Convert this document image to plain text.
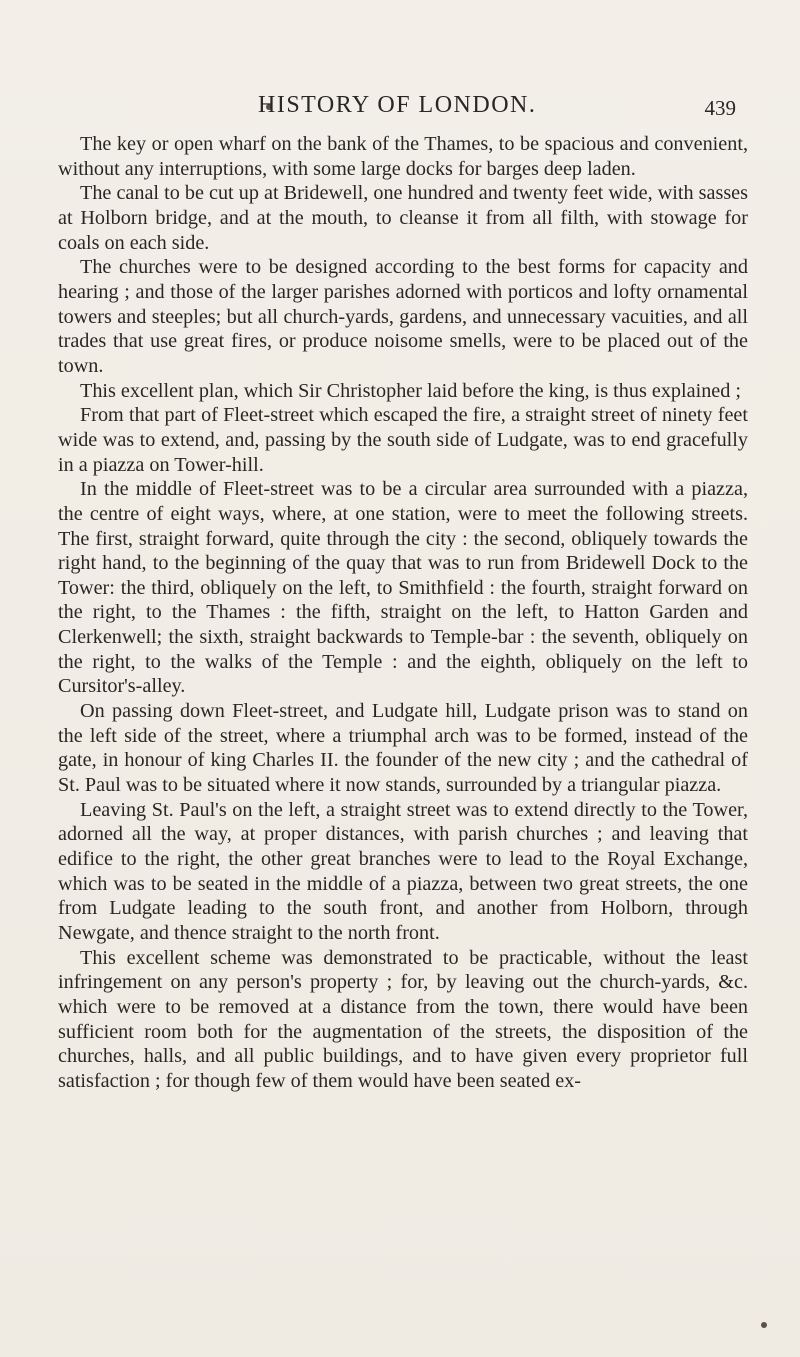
HISTORY OF LONDON.	439

The key or open wharf on the bank of the Thames, to be spacious and convenient, without any interruptions, with some large docks for barges deep laden.

The canal to be cut up at Bridewell, one hundred and twenty feet wide, with sasses at Holborn bridge, and at the mouth, to cleanse it from all filth, with stowage for coals on each side.

The churches were to be designed according to the best forms for capacity and hearing ; and those of the larger parishes adorned with porticos and lofty ornamental towers and steeples; but all church-yards, gardens, and unnecessary vacuities, and all trades that use great fires, or produce noisome smells, were to be placed out of the town.

This excellent plan, which Sir Christopher laid before the king, is thus explained ;

From that part of Fleet-street which escaped the fire, a straight street of ninety feet wide was to extend, and, passing by the south side of Ludgate, was to end gracefully in a piazza on Tower-hill.

In the middle of Fleet-street was to be a circular area surrounded with a piazza, the centre of eight ways, where, at one station, were to meet the following streets. The first, straight forward, quite through the city : the second, obliquely towards the right hand, to the beginning of the quay that was to run from Bridewell Dock to the Tower: the third, obliquely on the left, to Smithfield : the fourth, straight forward on the right, to the Thames : the fifth, straight on the left, to Hatton Garden and Clerkenwell; the sixth, straight backwards to Temple-bar : the seventh, obliquely on the right, to the walks of the Temple : and the eighth, obliquely on the left to Cursitor's-alley.

On passing down Fleet-street, and Ludgate hill, Ludgate prison was to stand on the left side of the street, where a triumphal arch was to be formed, instead of the gate, in honour of king Charles II. the founder of the new city ; and the cathedral of St. Paul was to be situated where it now stands, surrounded by a triangular piazza.

Leaving St. Paul's on the left, a straight street was to extend directly to the Tower, adorned all the way, at proper distances, with parish churches ; and leaving that edifice to the right, the other great branches were to lead to the Royal Exchange, which was to be seated in the middle of a piazza, between two great streets, the one from Ludgate leading to the south front, and another from Holborn, through Newgate, and thence straight to the north front.

This excellent scheme was demonstrated to be practicable, without the least infringement on any person's property ; for, by leaving out the church-yards, &c. which were to be removed at a distance from the town, there would have been sufficient room both for the augmentation of the streets, the disposition of the churches, halls, and all public buildings, and to have given every proprietor full satisfaction ; for though few of them would have been seated ex-
